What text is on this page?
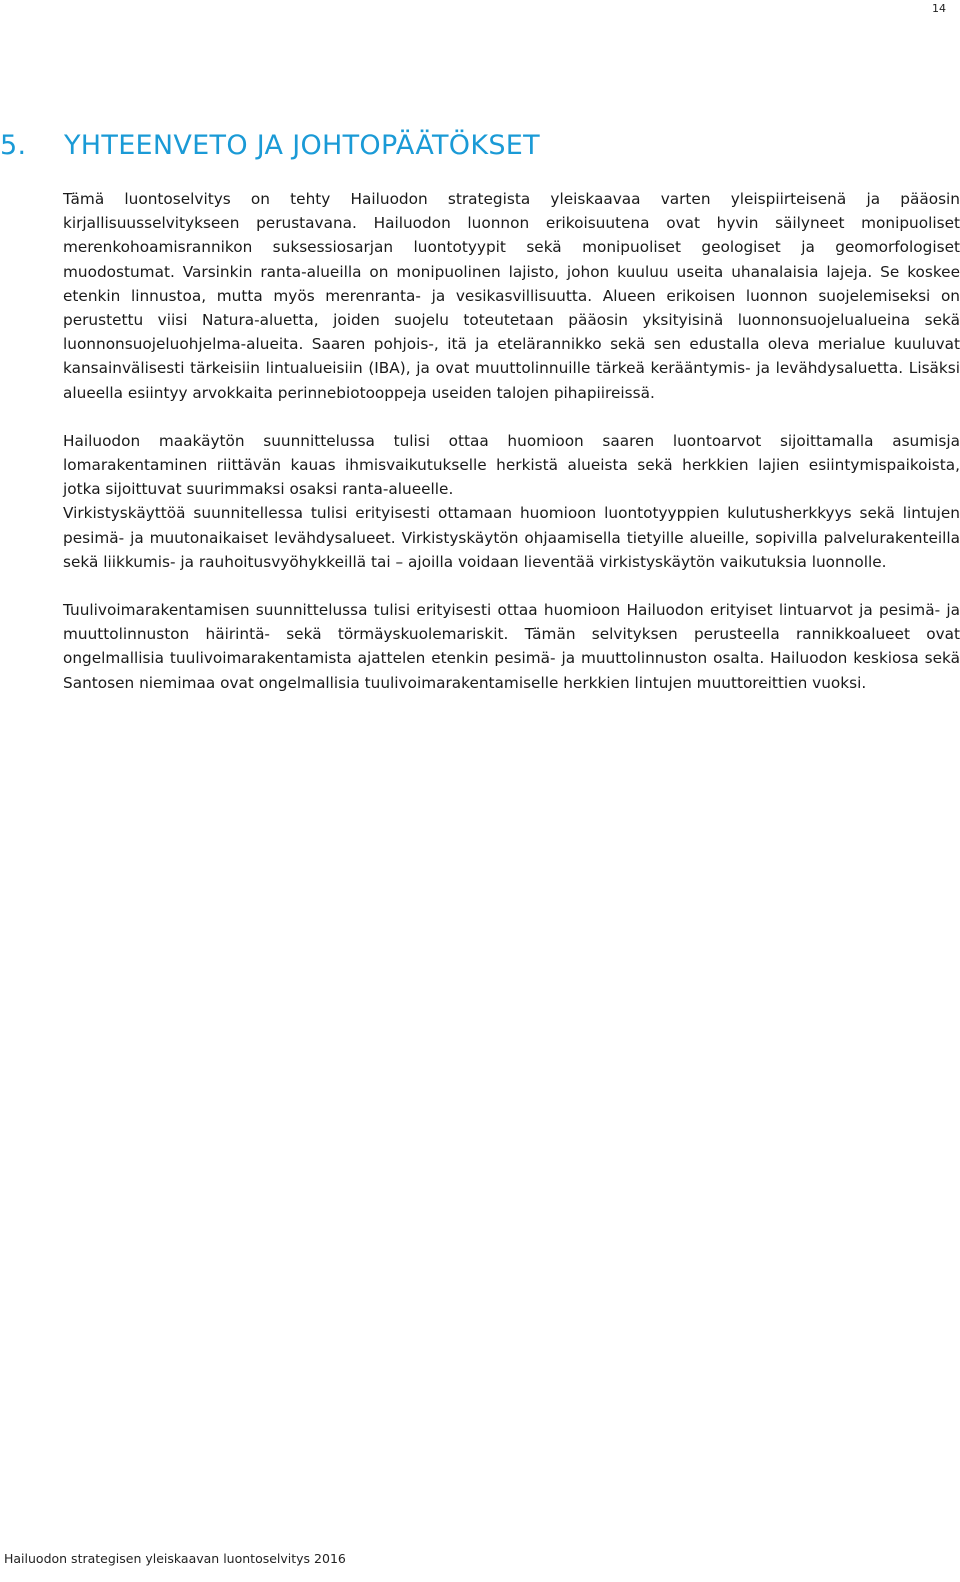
14
5. YHTEENVETO JA JOHTOPÄÄTÖKSET

Tämä luontoselvitys on tehty Hailuodon strategista yleiskaavaa varten yleispiirteisenä ja pääosin kirjallisuusselvitykseen perustavana. Hailuodon luonnon erikoisuutena ovat hyvin säilyneet monipuoliset merenkohoamisrannikon suksessiosarjan luontotyypit sekä monipuoliset geologiset ja geomorfologiset muodostumat. Varsinkin ranta-alueilla on monipuolinen lajisto, johon kuuluu useita uhanalaisia lajeja. Se koskee etenkin linnustoa, mutta myös merenranta- ja vesikasvillisuutta. Alueen erikoisen luonnon suojelemiseksi on perustettu viisi Natura-aluetta, joiden suojelu toteutetaan pääosin yksityisinä luonnonsuojelualueina sekä luonnonsuojeluohjelma-alueita. Saaren pohjois-, itä ja etelärannikko sekä sen edustalla oleva merialue kuuluvat kansainvälisesti tärkeisiin lintualueisiin (IBA), ja ovat muuttolinnuille tärkeä kerääntymis- ja levähdysaluetta. Lisäksi alueella esiintyy arvokkaita perinnebiotooppeja useiden talojen pihapiireissä.

Hailuodon maakäytön suunnittelussa tulisi ottaa huomioon saaren luontoarvot sijoittamalla asumisja lomarakentaminen riittävän kauas ihmisvaikutukselle herkistä alueista sekä herkkien lajien esiintymispaikoista, jotka sijoittuvat suurimmaksi osaksi ranta-alueelle.

Virkistyskäyttöä suunnitellessa tulisi erityisesti ottamaan huomioon luontotyyppien kulutusherkkyys sekä lintujen pesimä- ja muutonaikaiset levähdysalueet. Virkistyskäytön ohjaamisella tietyille alueille, sopivilla palvelurakenteilla sekä liikkumis- ja rauhoitusvyöhykkeillä tai – ajoilla voidaan lieventää virkistyskäytön vaikutuksia luonnolle.

Tuulivoimarakentamisen suunnittelussa tulisi erityisesti ottaa huomioon Hailuodon erityiset lintuarvot ja pesimä- ja muuttolinnuston häirintä- sekä törmäyskuolemariskit. Tämän selvityksen perusteella rannikkoalueet ovat ongelmallisia tuulivoimarakentamista ajattelen etenkin pesimä- ja muuttolinnuston osalta. Hailuodon keskiosa sekä Santosen niemimaa ovat ongelmallisia tuulivoimarakentamiselle herkkien lintujen muuttoreittien vuoksi.

Hailuodon strategisen yleiskaavan luontoselvitys 2016
